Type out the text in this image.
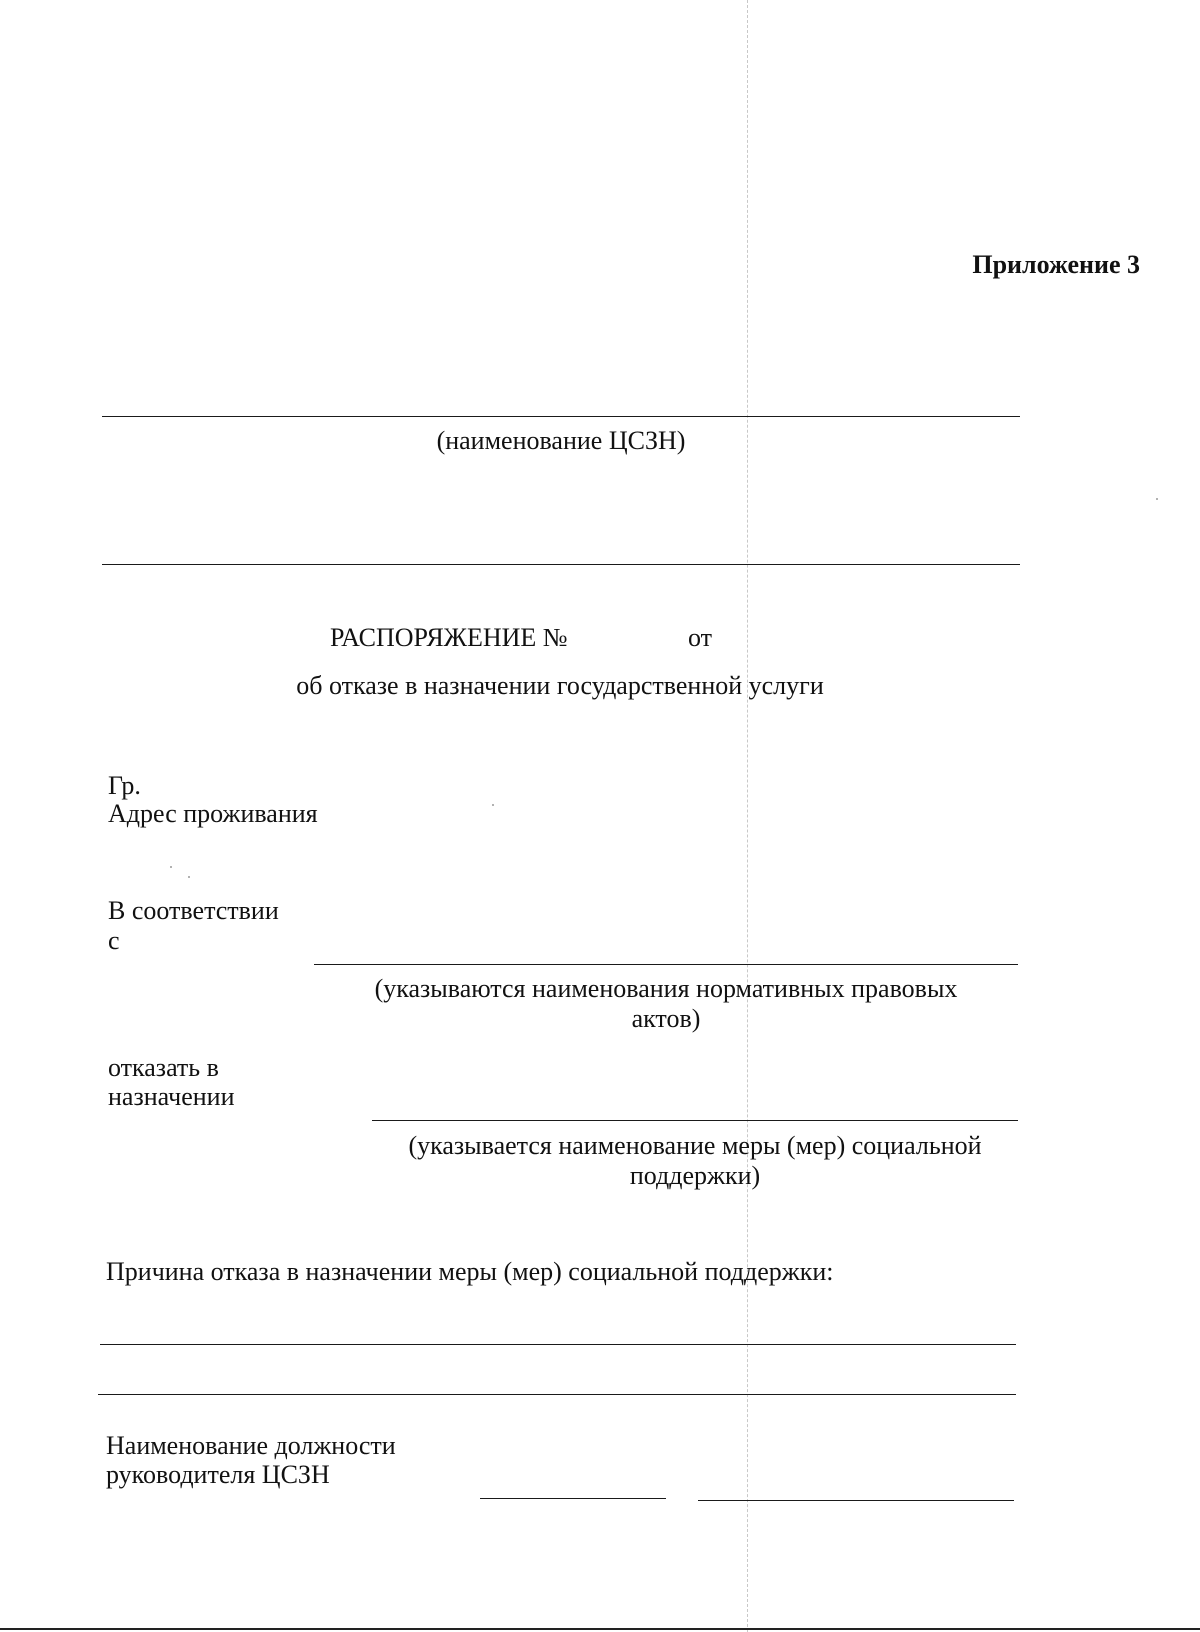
Приложение 3
(наименование ЦСЗН)
РАСПОРЯЖЕНИЕ №	от
об отказе в назначении государственной услуги
Гр.
Адрес проживания
В соответствии
с
(указываются наименования нормативных правовых
актов)
отказать в
назначении
(указывается наименование меры (мер) социальной
поддержки)
Причина отказа в назначении меры (мер) социальной поддержки:
Наименование должности
руководителя ЦСЗН
